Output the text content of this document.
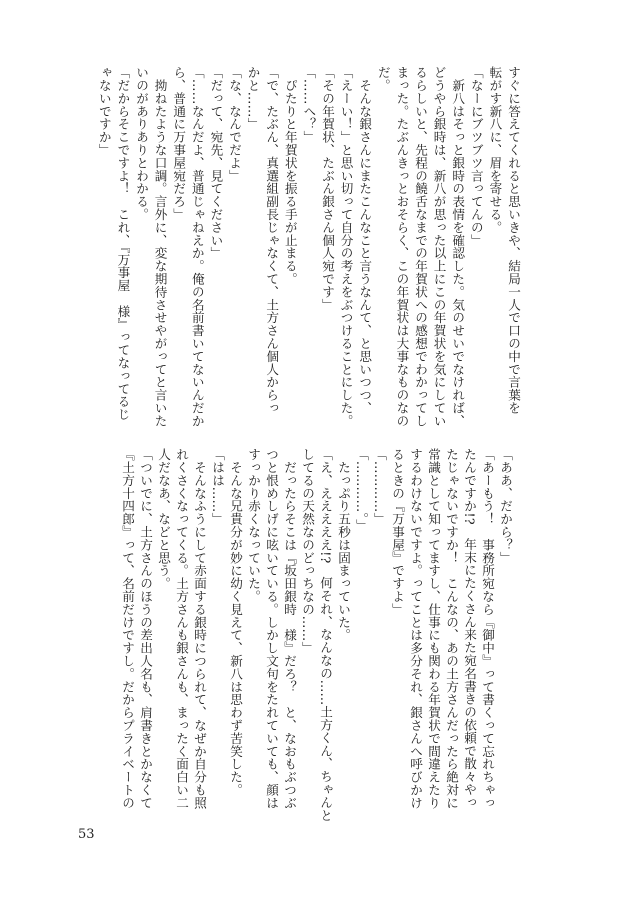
すぐに答えてくれると思いきや、結局一人で口の中で言葉を
転がす新八に、眉を寄せる。
「なーにブツブツ言ってんの」
　新八はそっと銀時の表情を確認した。気のせいでなければ、
どうやら銀時は、新八が思った以上にこの年賀状を気にしてい
るらしいと、先程の饒舌なまでの年賀状への感想でわかってし
まった。たぶんきっとおそらく、この年賀状は大事なものなの
だ。
　そんな銀さんにまたこんなこと言うなんて、と思いつつ、
「えーい！」と思い切って自分の考えをぶつけることにした。
「その年賀状、たぶん銀さん個人宛です」
「……へ？」
　ぴたりと年賀状を振る手が止まる。
「で、たぶん、真選組副長じゃなくて、土方さん個人からっ
かと……」
「な、なんでだよ」
「だって、宛先、見てください」
「……なんだよ、普通じゃねえか。俺の名前書いてないんだか
ら、普通に万事屋宛だろ」
　拗ねたような口調。言外に、変な期待させやがってと言いた
いのがありありとわかる。
「だからそこですよ！　これ、『万事屋　様』ってなってるじ
ゃないですか」
「ああ、だから？」
「あーもう！　事務所宛なら『御中』って書くって忘れちゃっ
たんですか!?　年末にたくさん来た宛名書きの依頼で散々やっ
たじゃないですか！　こんなの、あの土方さんだったら絶対に
常識として知ってますし、仕事にも関わる年賀状で間違えたり
するわけないですよ。ってことは多分それ、銀さんへ呼びかけ
るときの『万事屋』ですよ」
「…………」
「…………。」
　たっぷり五秒は固まっていた。
「え、えええええ!?　何それ、なんなの……土方くん、ちゃんと
してるの天然なのどっちなの……」
　だったらそこは『坂田銀時　様』だろ？　と、なおもぶつぶ
つと恨めしげに呟いている。しかし文句をたれていても、顔は
すっかり赤くなっていた。
　そんな兄貴分が妙に幼く見えて、新八は思わず苦笑した。
「はは……」
　そんなふうにして赤面する銀時につられて、なぜか自分も照
れくさくなってくる。土方さんも銀さんも、まったく面白い二
人だなあ、などと思う。
「ついでに、土方さんのほうの差出人名も、肩書きとかなくて
『土方十四郎』って、名前だけですし。だからプライベートの
53
